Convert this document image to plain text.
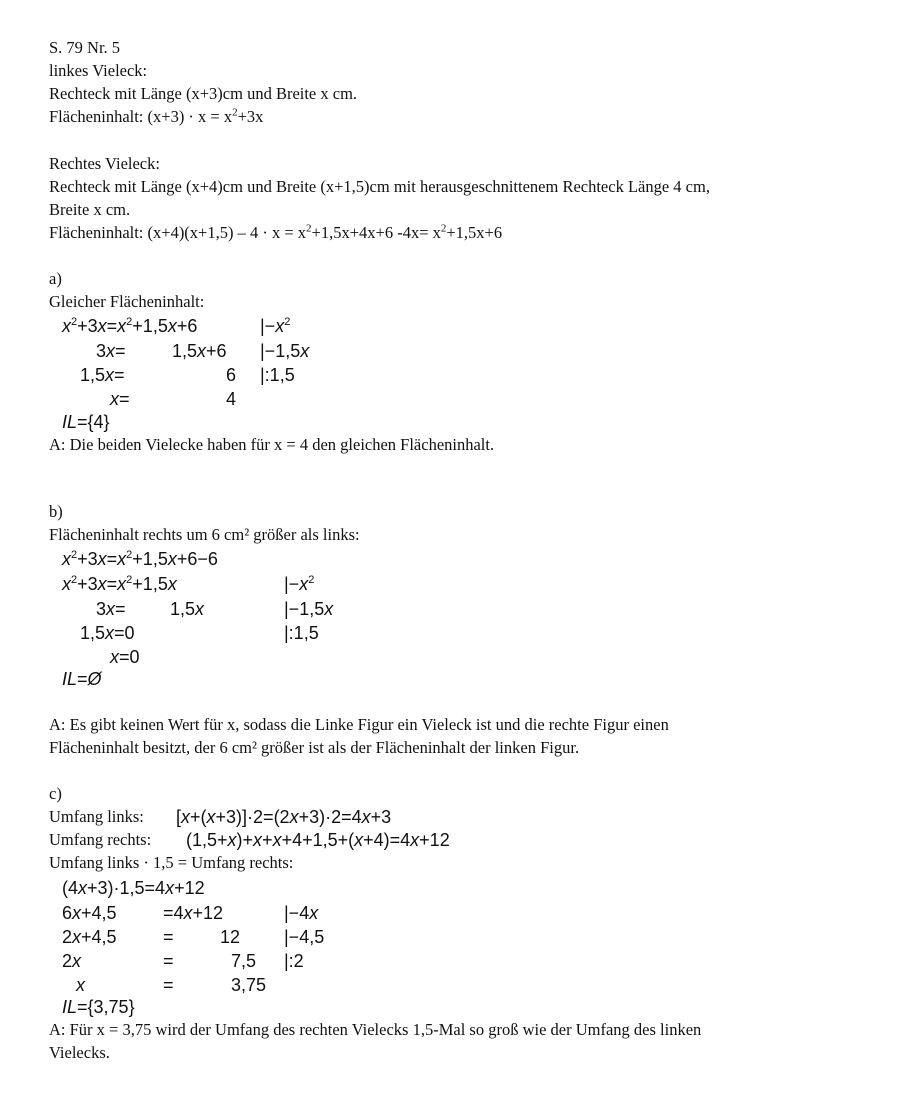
S. 79 Nr. 5
linkes Vieleck:
Rechteck mit Länge (x+3)cm und Breite x cm.
Flächeninhalt: $(x+3) \cdot x = x^2+3x$
Rechtes Vieleck:
Rechteck mit Länge (x+4)cm und Breite (x+1,5)cm mit herausgeschnittenem Rechteck Länge 4 cm,
Breite x cm.
Flächeninhalt: $(x+4)(x+1,5) - 4 \cdot x = x^2+1,5x+4x+6$ $-4x= x^2+1,5x+6$
a)
Gleicher Flächeninhalt:
$x^2+3x=x^2+1,5x+6$	$|-x^2$
3x=	1,5x+6 |−1,5x
1,5x=	6 |:1,5
x=	4
IL={4}
A: Die beiden Vielecke haben für x = 4 den gleichen Flächeninhalt.
b)
Flächeninhalt rechts um 6 cm² größer als links:
$x^2+3x=x^2+1,5x+6-6$
$x^2+3x=x^2+1,5x$	$|-x^2$
3x= 1,5x	|−1,5x
1,5x=0	|:1,5
x=0
IL=Ø
A: Es gibt keinen Wert für x, sodass die Linke Figur ein Vieleck ist und die rechte Figur einen
Flächeninhalt besitzt, der 6 cm² größer ist als der Flächeninhalt der linken Figur.
c)
Umfang links: [x+(x+3)]·2=(2x+3)·2=4x+3
Umfang rechts: (1,5+x)+x+x+4+1,5+(x+4)=4x+12
Umfang links · 1,5 = Umfang rechts:
(4x+3)·1,5=4x+12
6x+4,5	=4x+12	|−4x
2x+4,5	=	12 |−4,5
2x	=	7,5 |:2
x	=	3,75
IL={3,75}
A: Für x = 3,75 wird der Umfang des rechten Vielecks 1,5-Mal so groß wie der Umfang des linken
Vielecks.
